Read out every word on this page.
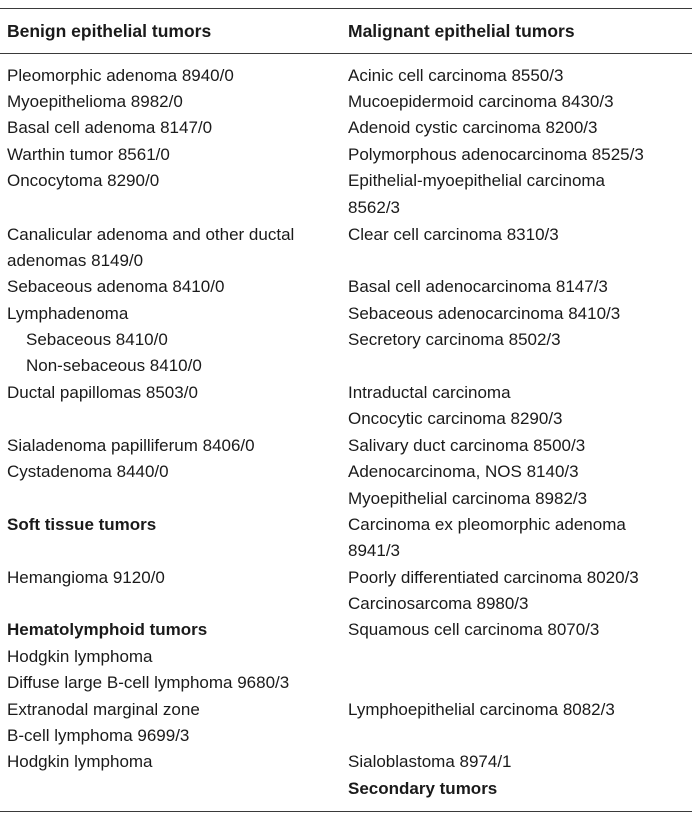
Benign epithelial tumors	Malignant epithelial tumors
Pleomorphic adenoma 8940/0
Myoepithelioma 8982/0
Basal cell adenoma 8147/0
Warthin tumor 8561/0
Oncocytoma 8290/0
Canalicular adenoma and other ductal
adenomas 8149/0
Sebaceous adenoma 8410/0
Lymphadenoma
Sebaceous 8410/0
Non-sebaceous 8410/0
Ductal papillomas 8503/0
Sialadenoma papilliferum 8406/0
Cystadenoma 8440/0
Soft tissue tumors
Hemangioma 9120/0
Hematolymphoid tumors
Hodgkin lymphoma
Diffuse large B-cell lymphoma 9680/3
Extranodal marginal zone
B-cell lymphoma 9699/3
Hodgkin lymphoma
Acinic cell carcinoma 8550/3
Mucoepidermoid carcinoma 8430/3
Adenoid cystic carcinoma 8200/3
Polymorphous adenocarcinoma 8525/3
Epithelial-myoepithelial carcinoma
8562/3
Clear cell carcinoma 8310/3
Basal cell adenocarcinoma 8147/3
Sebaceous adenocarcinoma 8410/3
Secretory carcinoma 8502/3
Intraductal carcinoma
Oncocytic carcinoma 8290/3
Salivary duct carcinoma 8500/3
Adenocarcinoma, NOS 8140/3
Myoepithelial carcinoma 8982/3
Carcinoma ex pleomorphic adenoma
8941/3
Poorly differentiated carcinoma 8020/3
Carcinosarcoma 8980/3
Squamous cell carcinoma 8070/3
Lymphoepithelial carcinoma 8082/3
Sialoblastoma 8974/1
Secondary tumors
